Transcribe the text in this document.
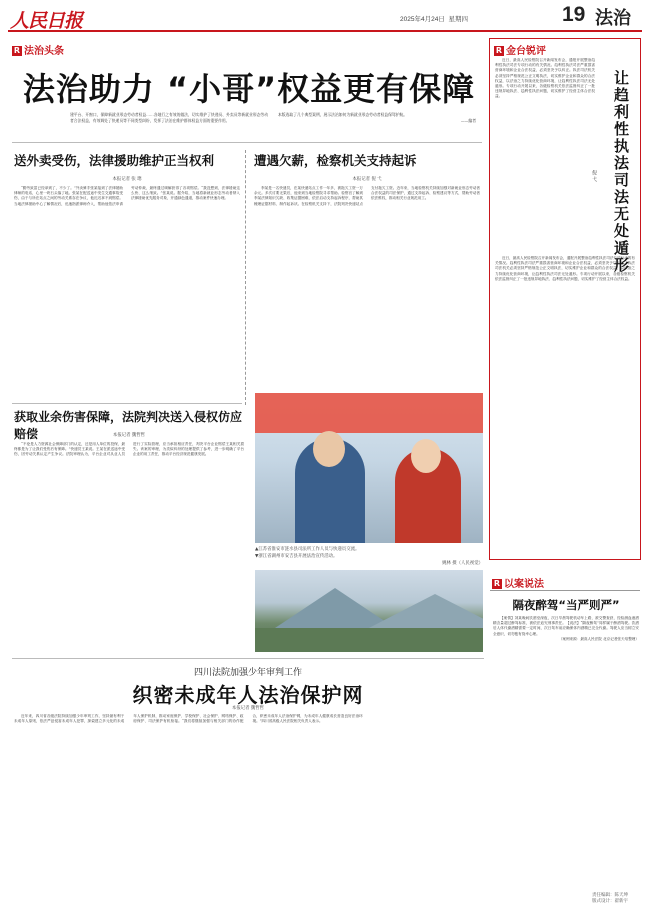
人民日报	2025年4月24日 星期四	19 法治
R 法治头条
法治助力 “小哥”权益更有保障
建平台、开窗口，保障新就业形态劳动者权益……各地行之有效的做法，切实维护了快递员、外卖员等新就业形态劳动者合法权益，有效调处了快递员等不同类型纠纷，发挥了法治在维护群体权益方面的重要作用。
本版选取了几个典型案例，展示法治如何为新就业形态劳动者权益保驾护航。

——编者
送外卖受伤，法律援助维护正当权利
本报记者 张 璁

“勤劳致富已经拿到了，不少了。”外卖骑手张某接到了法律援助律师的电话，心里一块石头落了地。张某在配送途中发生交通事故受伤，由于与所在站点之间的劳动关系存在争议，他迟迟拿不到赔偿。当地法律援助中心了解情况后，迅速指派律师介入，帮助他依法申请劳动仲裁，最终通过调解获得了各项赔偿。“我没想到，法律援助这么快、这么细致。”张某说。据介绍，当地将新就业形态劳动者纳入法律援助优先服务对象，开通绿色通道，推动案件快速办理。

遭遇欠薪，检察机关支持起诉
本报记者 倪 弋

李某是一名快递员，在某快递站点工作一年多，被拖欠工资一万余元。多次讨要无果后，他来到当地检察院寻求帮助。检察官了解到李某法律知识欠缺、收集证据困难，依法启动支持起诉程序，帮助其梳理证据材料、制作起诉状。在检察机关支持下，法院判决快递站点支付拖欠工资。近年来，当地检察机关持续加强对新就业形态劳动者合法权益的司法保护，通过支持起诉、检察建议等方式，帮助劳动者依法维权，推动相关行业规范用工。

获取业余伤害保障，法院判决送入侵权仿应赔偿	本报记者 魏哲哲

“不论是人力资源社会保障部门的认定，还是用人单位的投保，最终都是为了让我们受伤后有保障。”快递员王某说。王某在派送途中受伤，因劳动关系认定产生争议。法院审理认为，平台企业对从业人员进行了实际管理，应当承担相应责任，判决平台企业赔偿王某相关损失。该案的审理，为类似纠纷的处理提供了参考，进一步明确了平台企业的用工责任，推动平台经济规范健康发展。

▲江苏省淮安市涟水县司法所工作人员与快递员交流。
▼浙江省湖州市安吉县开展法治宣传活动。
姚林 摄（人民视觉）
R 金台锐评

近日，最高人民检察院召开新闻发布会，通报开展整治趋利性执法司法专项行动的有关情况。趋利性执法司法严重损害营商环境和企业合法权益，必须坚决予以纠正。执法司法机关必须坚持严格规范公正文明执法，切实维护企业和群众的合法权益，以法治之力持续优化营商环境，让趋利性执法司法无处遁形。专项行动开展以来，各级检察机关依法监督纠正了一批违规异地执法、趋利性执法问题，切实维护了经营主体合法权益。	让趋利性执法司法无处遁形
倪 弋

近日，最高人民检察院召开新闻发布会，通报开展整治趋利性执法司法专项行动的有关情况。趋利性执法司法严重损害营商环境和企业合法权益，必须坚决予以纠正。执法司法机关必须坚持严格规范公正文明执法，切实维护企业和群众的合法权益，以法治之力持续优化营商环境，让趋利性执法司法无处遁形。专项行动开展以来，各级检察机关依法监督纠正了一批违规异地执法、趋利性执法问题，切实维护了经营主体合法权益。

R 以案说法
隔夜醉驾“当严则严”

【案情】刘某晚间饮酒至深夜，次日早晨驾驶机动车上路，被交警查获，经检测血液酒精含量超过醉驾标准，被依法追究刑事责任。【说法】“隔夜醉驾”同样属于醉酒驾驶。饮酒后人体代谢酒精需要一定时间，次日驾车前应确保体内酒精已完全代谢。驾驶人应当树立安全意识，切勿抱有侥幸心理。

（案例来源：最高人民法院 北京记者张天培整理）

四川法院加强少年审判工作
织密未成年人法治保护网
本报记者 魏哲哲

近年来，四川省各级法院持续加强少年审判工作，坚持最有利于未成年人原则，依法严惩侵害未成年人犯罪，探索建立多元化的未成年人保护机制，推动家庭保护、学校保护、社会保护、网络保护、政府保护、司法保护有机衔接。“我们将继续加强与相关部门的协作配合，织密未成年人法治保护网，为未成年人健康成长营造良好法治环境。”四川省高级人民法院相关负责人表示。

责任编辑：陈天坤
版式设计：翟新宇
